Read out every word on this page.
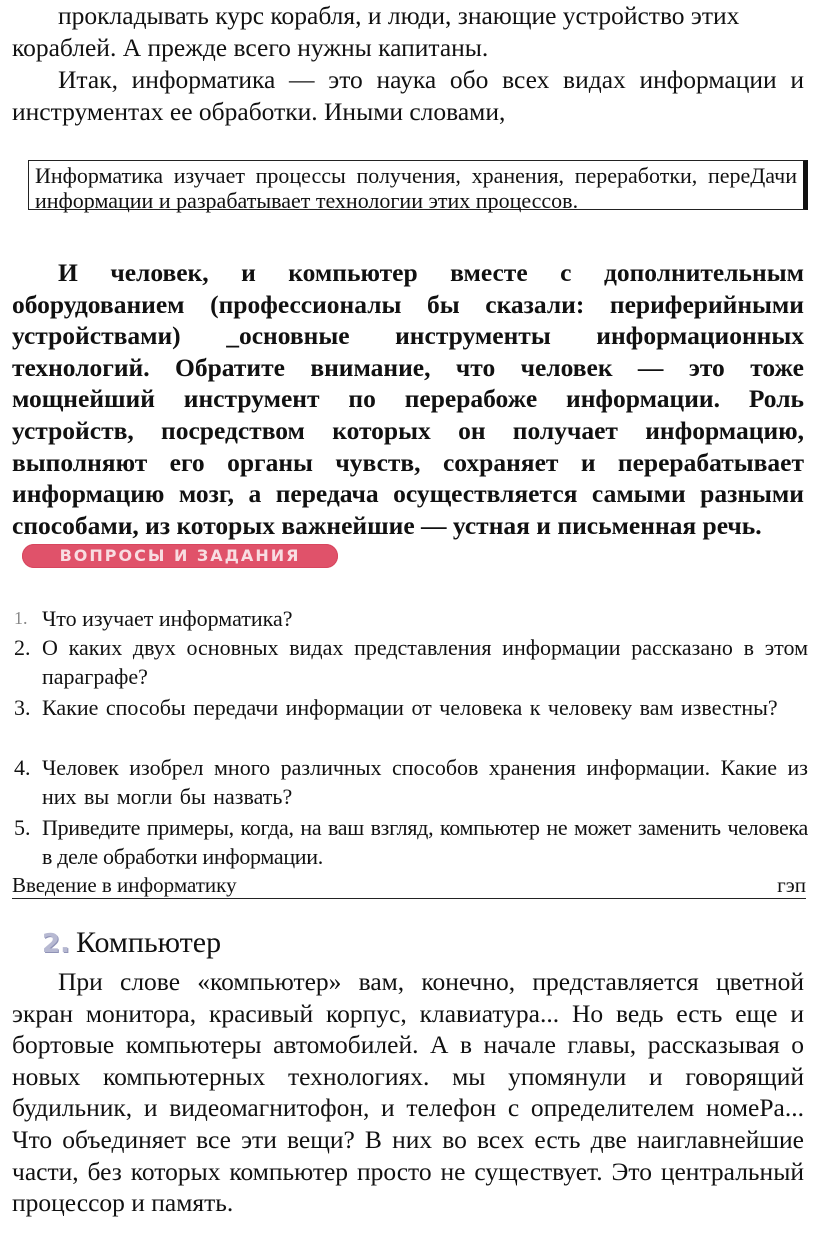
прокладывать курс корабля, и люди, знающие устройство этих

кораблей. А прежде всего нужны капитаны.

Итак, информатика — это наука обо всех видах информации и инструментах ее обработки. Иными словами,

Информатика изучает процессы получения, хранения, переработки, переДачи информации и разрабатывает технологии этих процессов.

И человек, и компьютер вместе с дополнительным оборудованием (профессионалы бы сказали: периферийными устройствами) _основные инструменты информационных технологий. Обратите внимание, что человек — это тоже мощнейший инструмент по перерабоже информации. Роль устройств, посредством которых он получает информацию, выполняют его органы чувств, сохраняет и перерабатывает информацию мозг, а передача осуществляется самыми разными способами, из которых важнейшие — устная и письменная речь.

ВОПРОСЫ И ЗАДАНИЯ
1. Что изучает информатика?
2. О каких двух основных видах представления информации рассказано в этом параграфе?
3. Какие способы передачи информации от человека к человеку вам известны?
4. Человек изобрел много различных способов хранения информации. Какие из них вы могли бы назвать?
5. Приведите примеры, когда, на ваш взгляд, компьютер не может заменить человека в деле обработки информации.
Введение в информатику	гэп
2. Компьютер

При слове «компьютер» вам, конечно, представляется цветной экран монитора, красивый корпус, клавиатура... Но ведь есть еще и бортовые компьютеры автомобилей. А в начале главы, рассказывая о новых компьютерных технологиях. мы упомянули и говорящий будильник, и видеомагнитофон, и телефон с определителем номеРа... Что объединяет все эти вещи? В них во всех есть две наиглавнейшие части, без которых компьютер просто не существует. Это центральный процессор и память.
